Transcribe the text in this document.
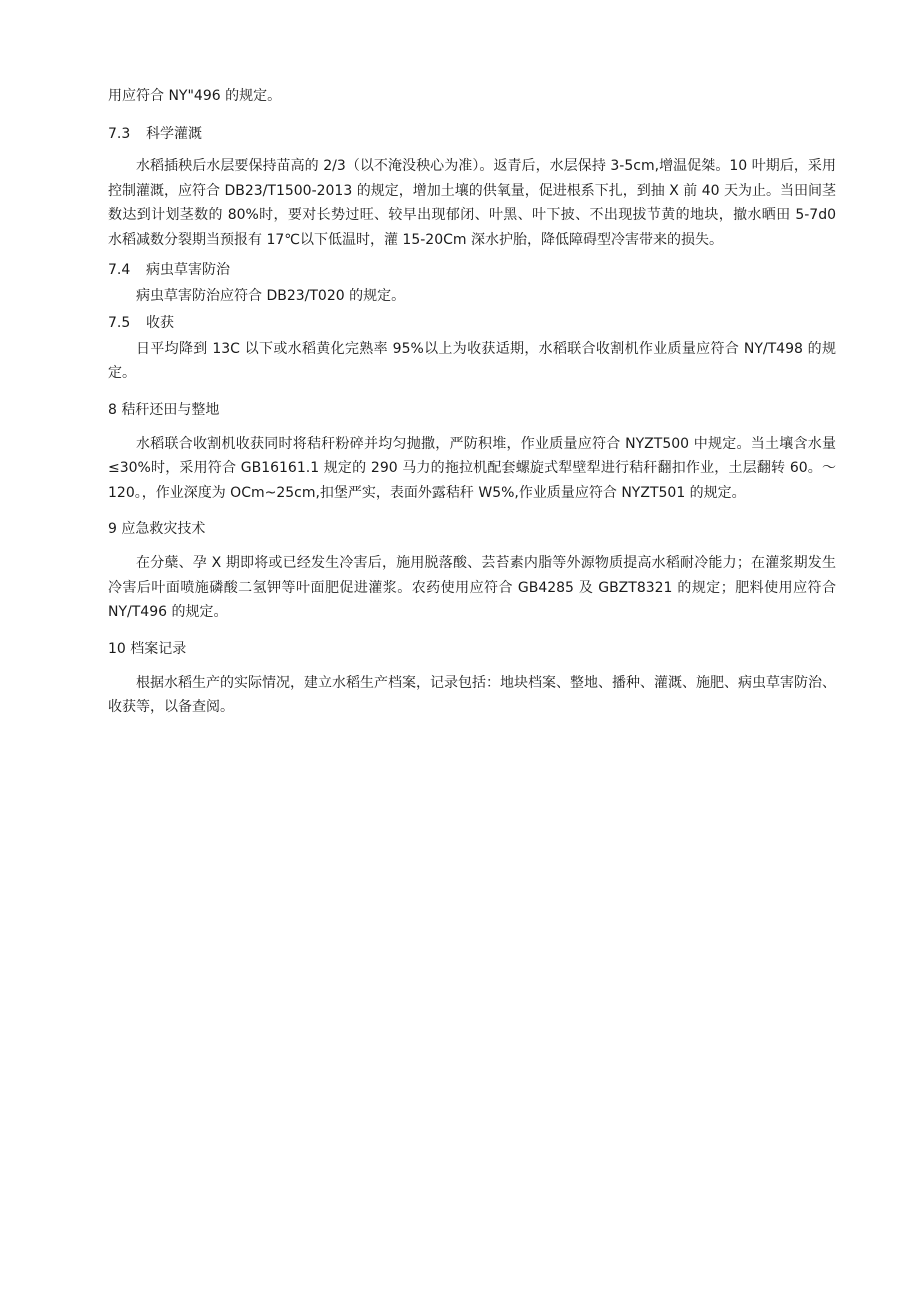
用应符合 NY"496 的规定。
7.3 科学灌溉

水稻插秧后水层要保持苗高的 2/3（以不淹没秧心为准）。返青后，水层保持 3-5cm,增温促桀。10 叶期后，采用控制灌溉，应符合 DB23/T1500-2013 的规定，增加土壤的供氧量，促进根系下扎，到抽 X 前 40 天为止。当田间茎数达到计划茎数的 80%时，要对长势过旺、较早出现郁闭、叶黑、叶下披、不出现拔节黄的地块，撤水晒田 5-7d0 水稻减数分裂期当预报有 17℃以下低温时，灌 15-20Cm 深水护胎，降低障碍型冷害带来的损失。

7.4 病虫草害防治

病虫草害防治应符合 DB23/T020 的规定。

7.5 收获

日平均降到 13C 以下或水稻黄化完熟率 95%以上为收获适期，水稻联合收割机作业质量应符合 NY/T498 的规定。

8 秸秆还田与整地

水稻联合收割机收获同时将秸秆粉碎并均匀抛撒，严防积堆，作业质量应符合 NYZT500 中规定。当土壤含水量≤30%时，采用符合 GB16161.1 规定的 290 马力的拖拉机配套螺旋式犁壁犁进行秸秆翻扣作业，土层翻转 60。～120。，作业深度为 OCm~25cm,扣堡严实，表面外露秸秆 W5%,作业质量应符合 NYZT501 的规定。

9 应急救灾技术

在分蘖、孕 X 期即将或已经发生冷害后，施用脱落酸、芸苔素内脂等外源物质提高水稻耐冷能力；在灌浆期发生冷害后叶面喷施磷酸二氢钾等叶面肥促进灌浆。农药使用应符合 GB4285 及 GBZT8321 的规定；肥料使用应符合 NY/T496 的规定。

10 档案记录

根据水稻生产的实际情况，建立水稻生产档案，记录包括：地块档案、整地、播种、灌溉、施肥、病虫草害防治、收获等，以备查阅。
